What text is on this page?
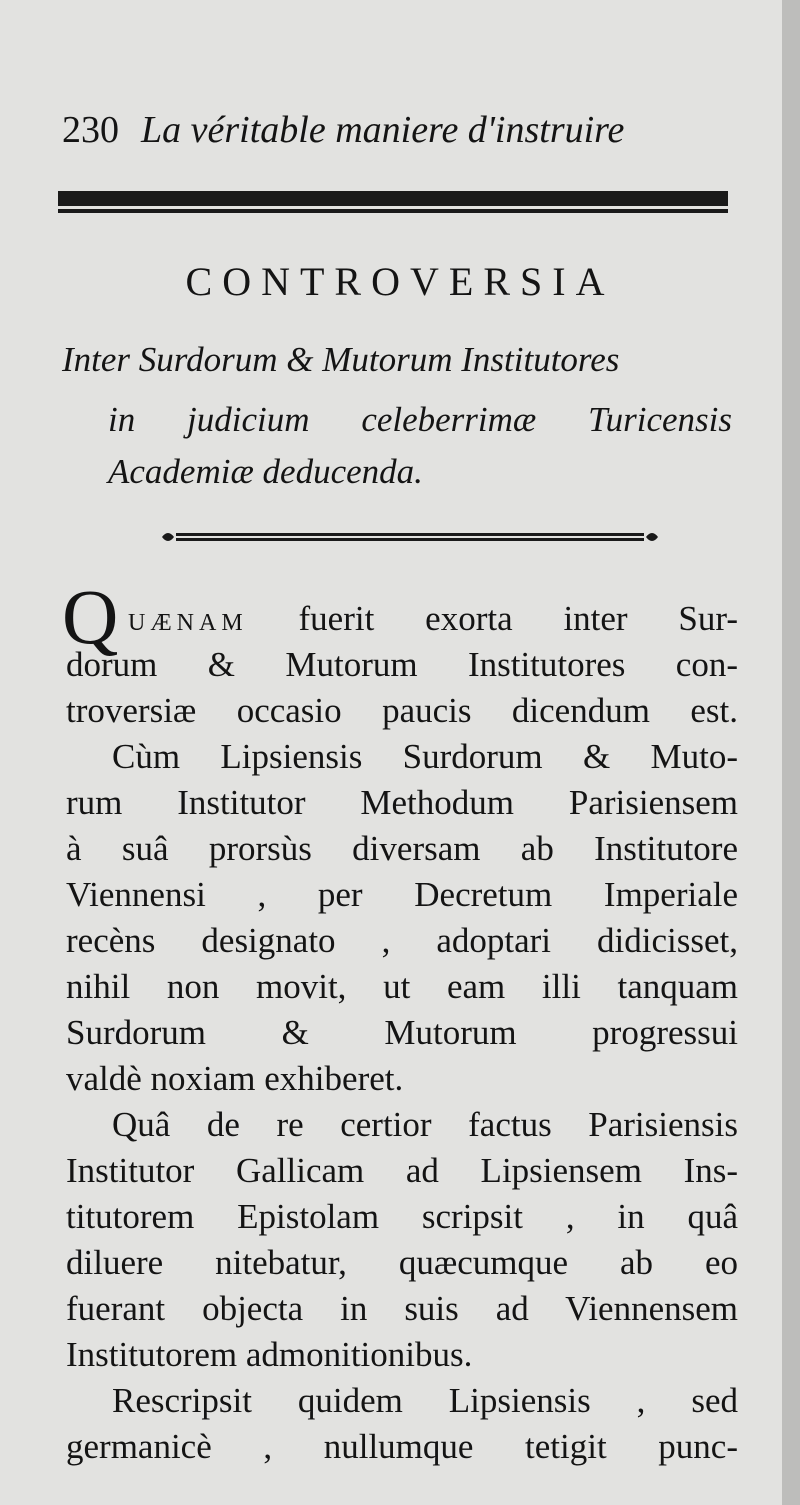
230 La véritable maniere d'instruire
CONTROVERSIA
Inter Surdorum & Mutorum Institutores
in judicium celeberrimæ Turicensis
Academiæ deducenda.
Q UÆNAM fuerit exorta inter Sur-
dorum & Mutorum Institutores con-
troversiæ occasio paucis dicendum est.
Cùm Lipsiensis Surdorum & Muto-
rum Institutor Methodum Parisiensem
à suâ prorsùs diversam ab Institutore
Viennensi , per Decretum Imperiale
recèns designato , adoptari didicisset,
nihil non movit, ut eam illi tanquam
Surdorum & Mutorum progressui
valdè noxiam exhiberet.
Quâ de re certior factus Parisiensis
Institutor Gallicam ad Lipsiensem Ins-
titutorem Epistolam scripsit , in quâ
diluere nitebatur, quæcumque ab eo
fuerant objecta in suis ad Viennensem
Institutorem admonitionibus.
Rescripsit quidem Lipsiensis , sed
germanicè , nullumque tetigit punc-
